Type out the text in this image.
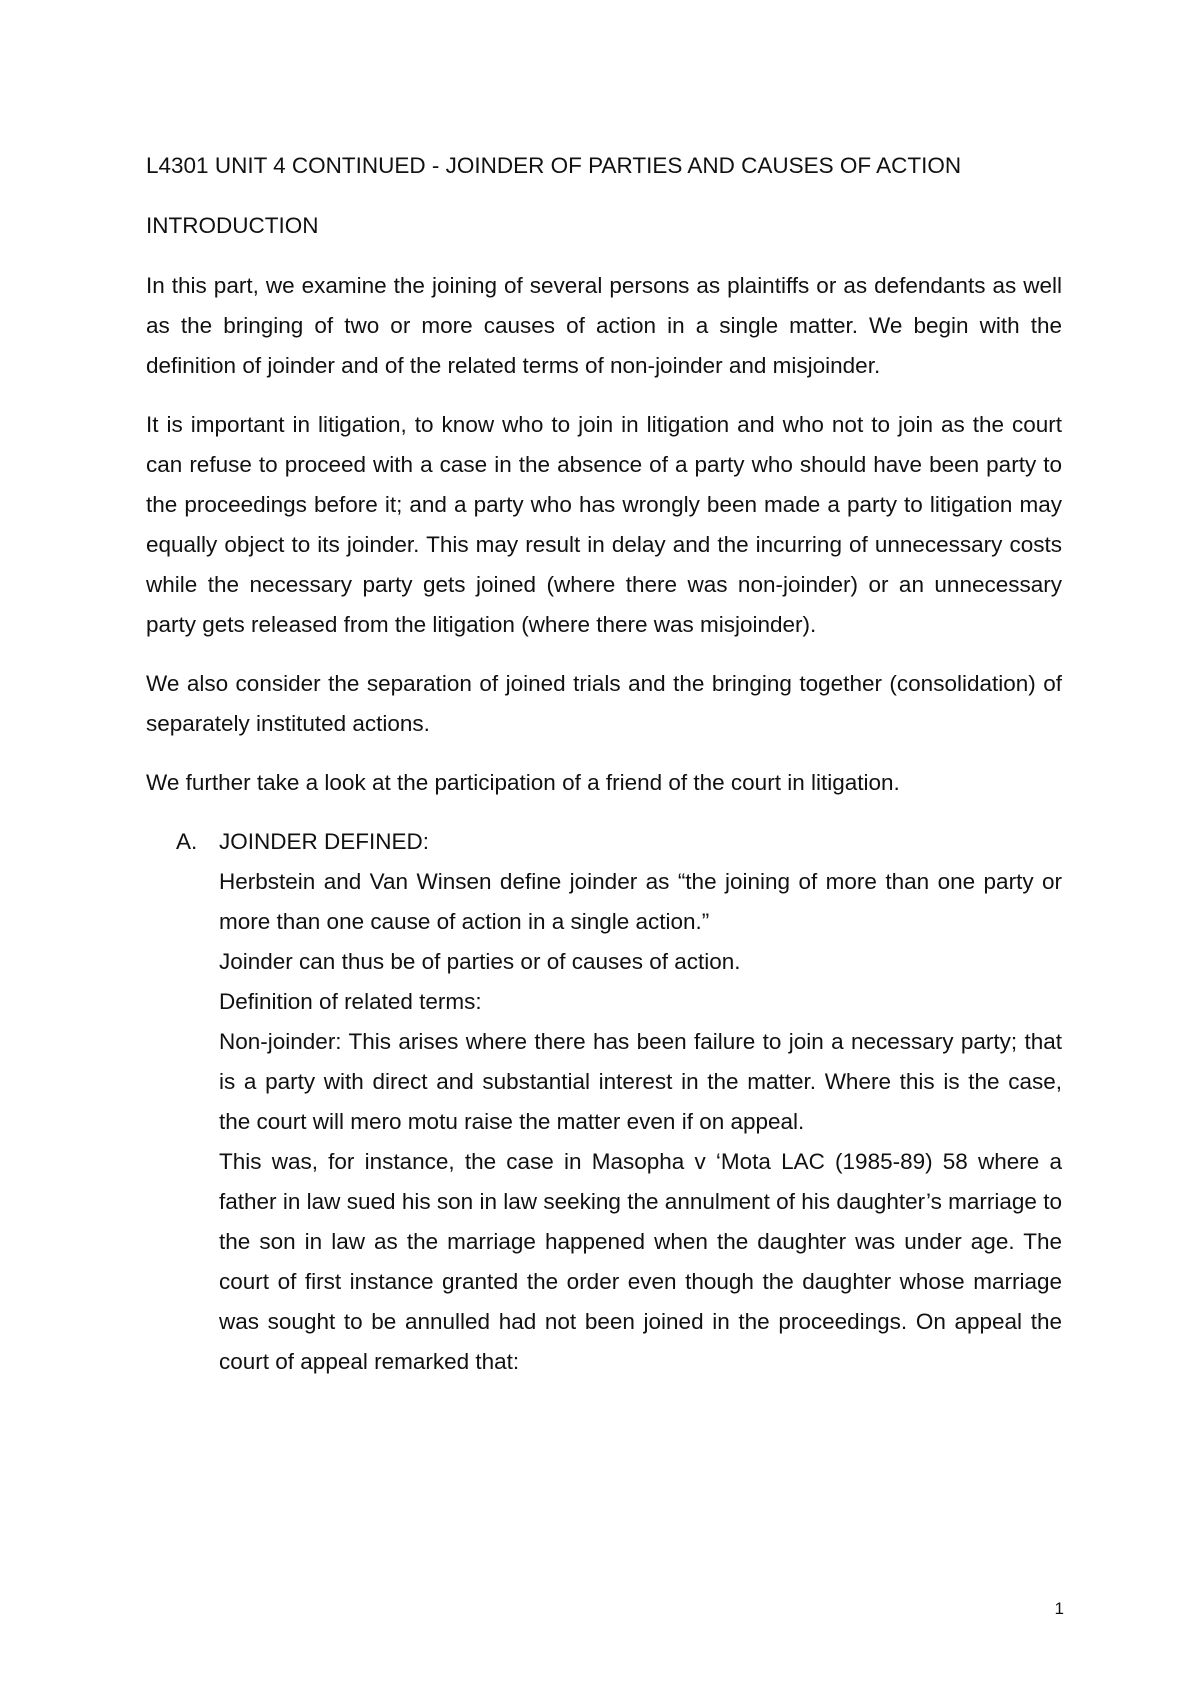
L4301 UNIT 4 CONTINUED - JOINDER OF PARTIES AND CAUSES OF ACTION
INTRODUCTION

In this part, we examine the joining of several persons as plaintiffs or as defendants as well as the bringing of two or more causes of action in a single matter. We begin with the definition of joinder and of the related terms of non-joinder and misjoinder.

It is important in litigation, to know who to join in litigation and who not to join as the court can refuse to proceed with a case in the absence of a party who should have been party to the proceedings before it; and a party who has wrongly been made a party to litigation may equally object to its joinder. This may result in delay and the incurring of unnecessary costs while the necessary party gets joined (where there was non-joinder) or an unnecessary party gets released from the litigation (where there was misjoinder).

We also consider the separation of joined trials and the bringing together (consolidation) of separately instituted actions.

We further take a look at the participation of a friend of the court in litigation.

A. JOINDER DEFINED:
Herbstein and Van Winsen define joinder as “the joining of more than one party or more than one cause of action in a single action.”
Joinder can thus be of parties or of causes of action.
Definition of related terms:
Non-joinder: This arises where there has been failure to join a necessary party; that is a party with direct and substantial interest in the matter. Where this is the case, the court will mero motu raise the matter even if on appeal.
This was, for instance, the case in Masopha v ‘Mota LAC (1985-89) 58 where a father in law sued his son in law seeking the annulment of his daughter’s marriage to the son in law as the marriage happened when the daughter was under age. The court of first instance granted the order even though the daughter whose marriage was sought to be annulled had not been joined in the proceedings. On appeal the court of appeal remarked that:
1
